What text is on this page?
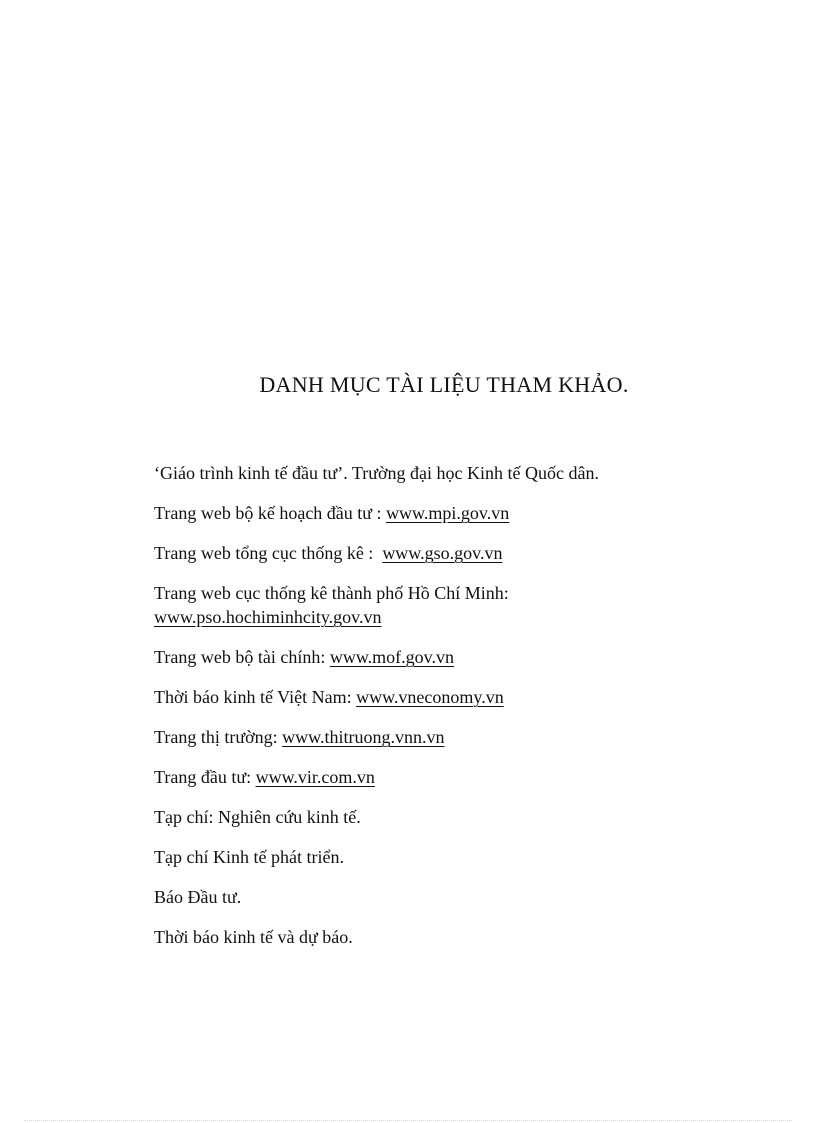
DANH MỤC TÀI LIỆU THAM KHẢO.
‘Giáo trình kinh tế đầu tư’. Trường đại học Kinh tế Quốc dân.
Trang web bộ kế hoạch đầu tư : www.mpi.gov.vn
Trang web tổng cục thống kê :  www.gso.gov.vn
Trang web cục thống kê thành phố Hồ Chí Minh:
www.pso.hochiminhcity.gov.vn
Trang web bộ tài chính: www.mof.gov.vn
Thời báo kinh tế Việt Nam: www.vneconomy.vn
Trang thị trường: www.thitruong.vnn.vn
Trang đầu tư: www.vir.com.vn
Tạp chí: Nghiên cứu kinh tế.
Tạp chí Kinh tế phát triển.
Báo Đầu tư.
Thời báo kinh tế và dự báo.
